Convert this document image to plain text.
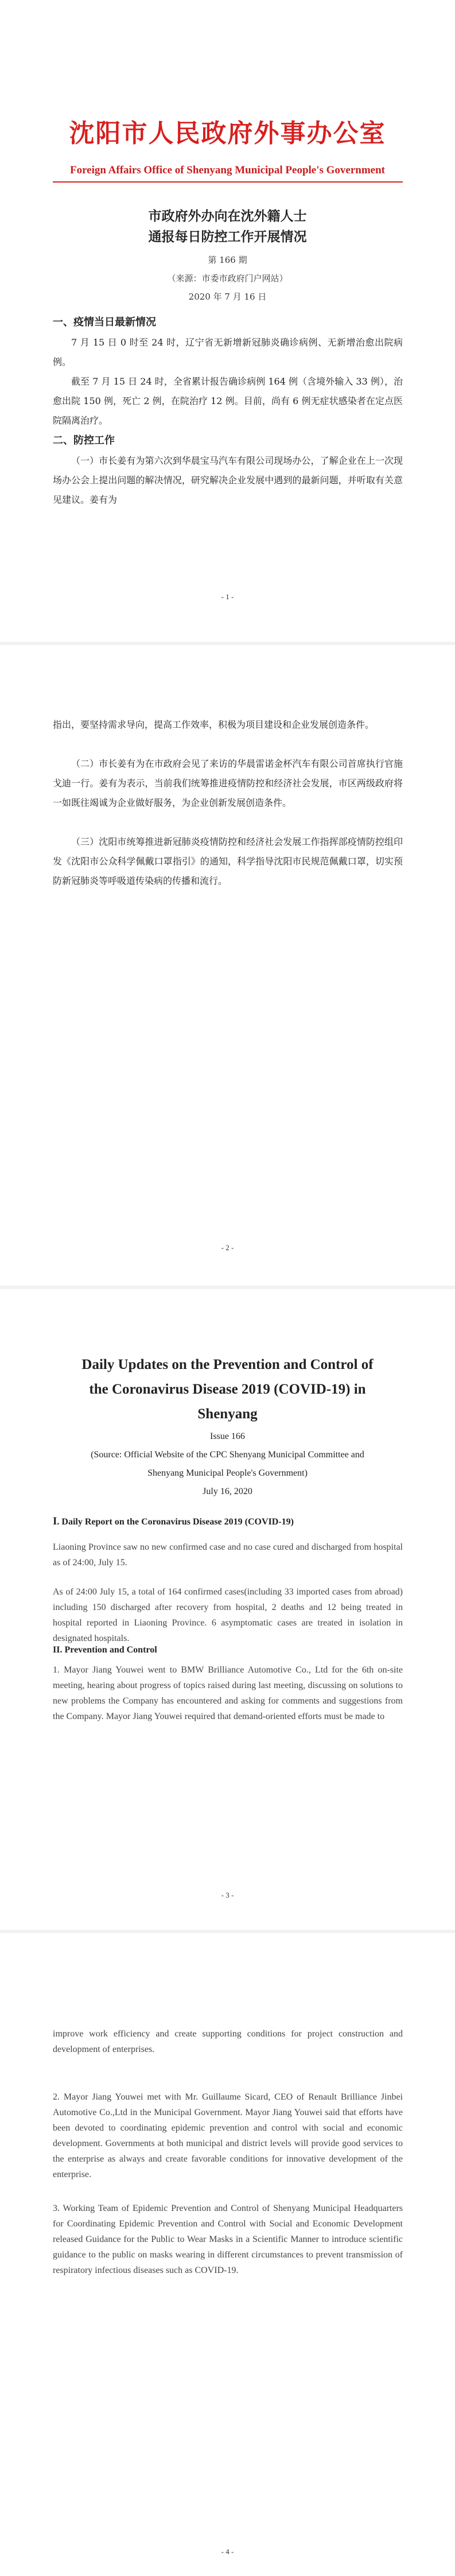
沈阳市人民政府外事办公室
Foreign Affairs Office of Shenyang Municipal People's Government
市政府外办向在沈外籍人士
通报每日防控工作开展情况
第 166 期
（来源：市委市政府门户网站）
2020 年 7 月 16 日
一、疫情当日最新情况
7 月 15 日 0 时至 24 时，辽宁省无新增新冠肺炎确诊病例、无新增治愈出院病例。
截至 7 月 15 日 24 时，全省累计报告确诊病例 164 例（含境外输入 33 例），治愈出院 150 例，死亡 2 例，在院治疗 12 例。目前，尚有 6 例无症状感染者在定点医院隔离治疗。
二、防控工作
（一）市长姜有为第六次到华晨宝马汽车有限公司现场办公，了解企业在上一次现场办公会上提出问题的解决情况，研究解决企业发展中遇到的最新问题，并听取有关意见建议。姜有为
- 1 -
指出，要坚持需求导向，提高工作效率，积极为项目建设和企业发展创造条件。
（二）市长姜有为在市政府会见了来访的华晨雷诺金杯汽车有限公司首席执行官施戈迪一行。姜有为表示，当前我们统筹推进疫情防控和经济社会发展，市区两级政府将一如既往竭诚为企业做好服务，为企业创新发展创造条件。
（三）沈阳市统筹推进新冠肺炎疫情防控和经济社会发展工作指挥部疫情防控组印发《沈阳市公众科学佩戴口罩指引》的通知，科学指导沈阳市民规范佩戴口罩，切实预防新冠肺炎等呼吸道传染病的传播和流行。
- 2 -
Daily Updates on the Prevention and Control of
the Coronavirus Disease 2019 (COVID-19) in
Shenyang
Issue 166
(Source: Official Website of the CPC Shenyang Municipal Committee and
Shenyang Municipal People's Government)
July 16, 2020
I. Daily Report on the Coronavirus Disease 2019 (COVID-19)
Liaoning Province saw no new confirmed case and no case cured and discharged from hospital as of 24:00, July 15.
As of 24:00 July 15, a total of 164 confirmed cases(including 33 imported cases from abroad) including 150 discharged after recovery from hospital, 2 deaths and 12 being treated in hospital reported in Liaoning Province. 6 asymptomatic cases are treated in isolation in designated hospitals.
II. Prevention and Control
1. Mayor Jiang Youwei went to BMW Brilliance Automotive Co., Ltd for the 6th on-site meeting, hearing about progress of topics raised during last meeting, discussing on solutions to new problems the Company has encountered and asking for comments and suggestions from the Company. Mayor Jiang Youwei required that demand-oriented efforts must be made to
- 3 -
improve work efficiency and create supporting conditions for project construction and development of enterprises.
2. Mayor Jiang Youwei met with Mr. Guillaume Sicard, CEO of Renault Brilliance Jinbei Automotive Co.,Ltd in the Municipal Government. Mayor Jiang Youwei said that efforts have been devoted to coordinating epidemic prevention and control with social and economic development. Governments at both municipal and district levels will provide good services to the enterprise as always and create favorable conditions for innovative development of the enterprise.
3. Working Team of Epidemic Prevention and Control of Shenyang Municipal Headquarters for Coordinating Epidemic Prevention and Control with Social and Economic Development released Guidance for the Public to Wear Masks in a Scientific Manner to introduce scientific guidance to the public on masks wearing in different circumstances to prevent transmission of respiratory infectious diseases such as COVID-19.
- 4 -
